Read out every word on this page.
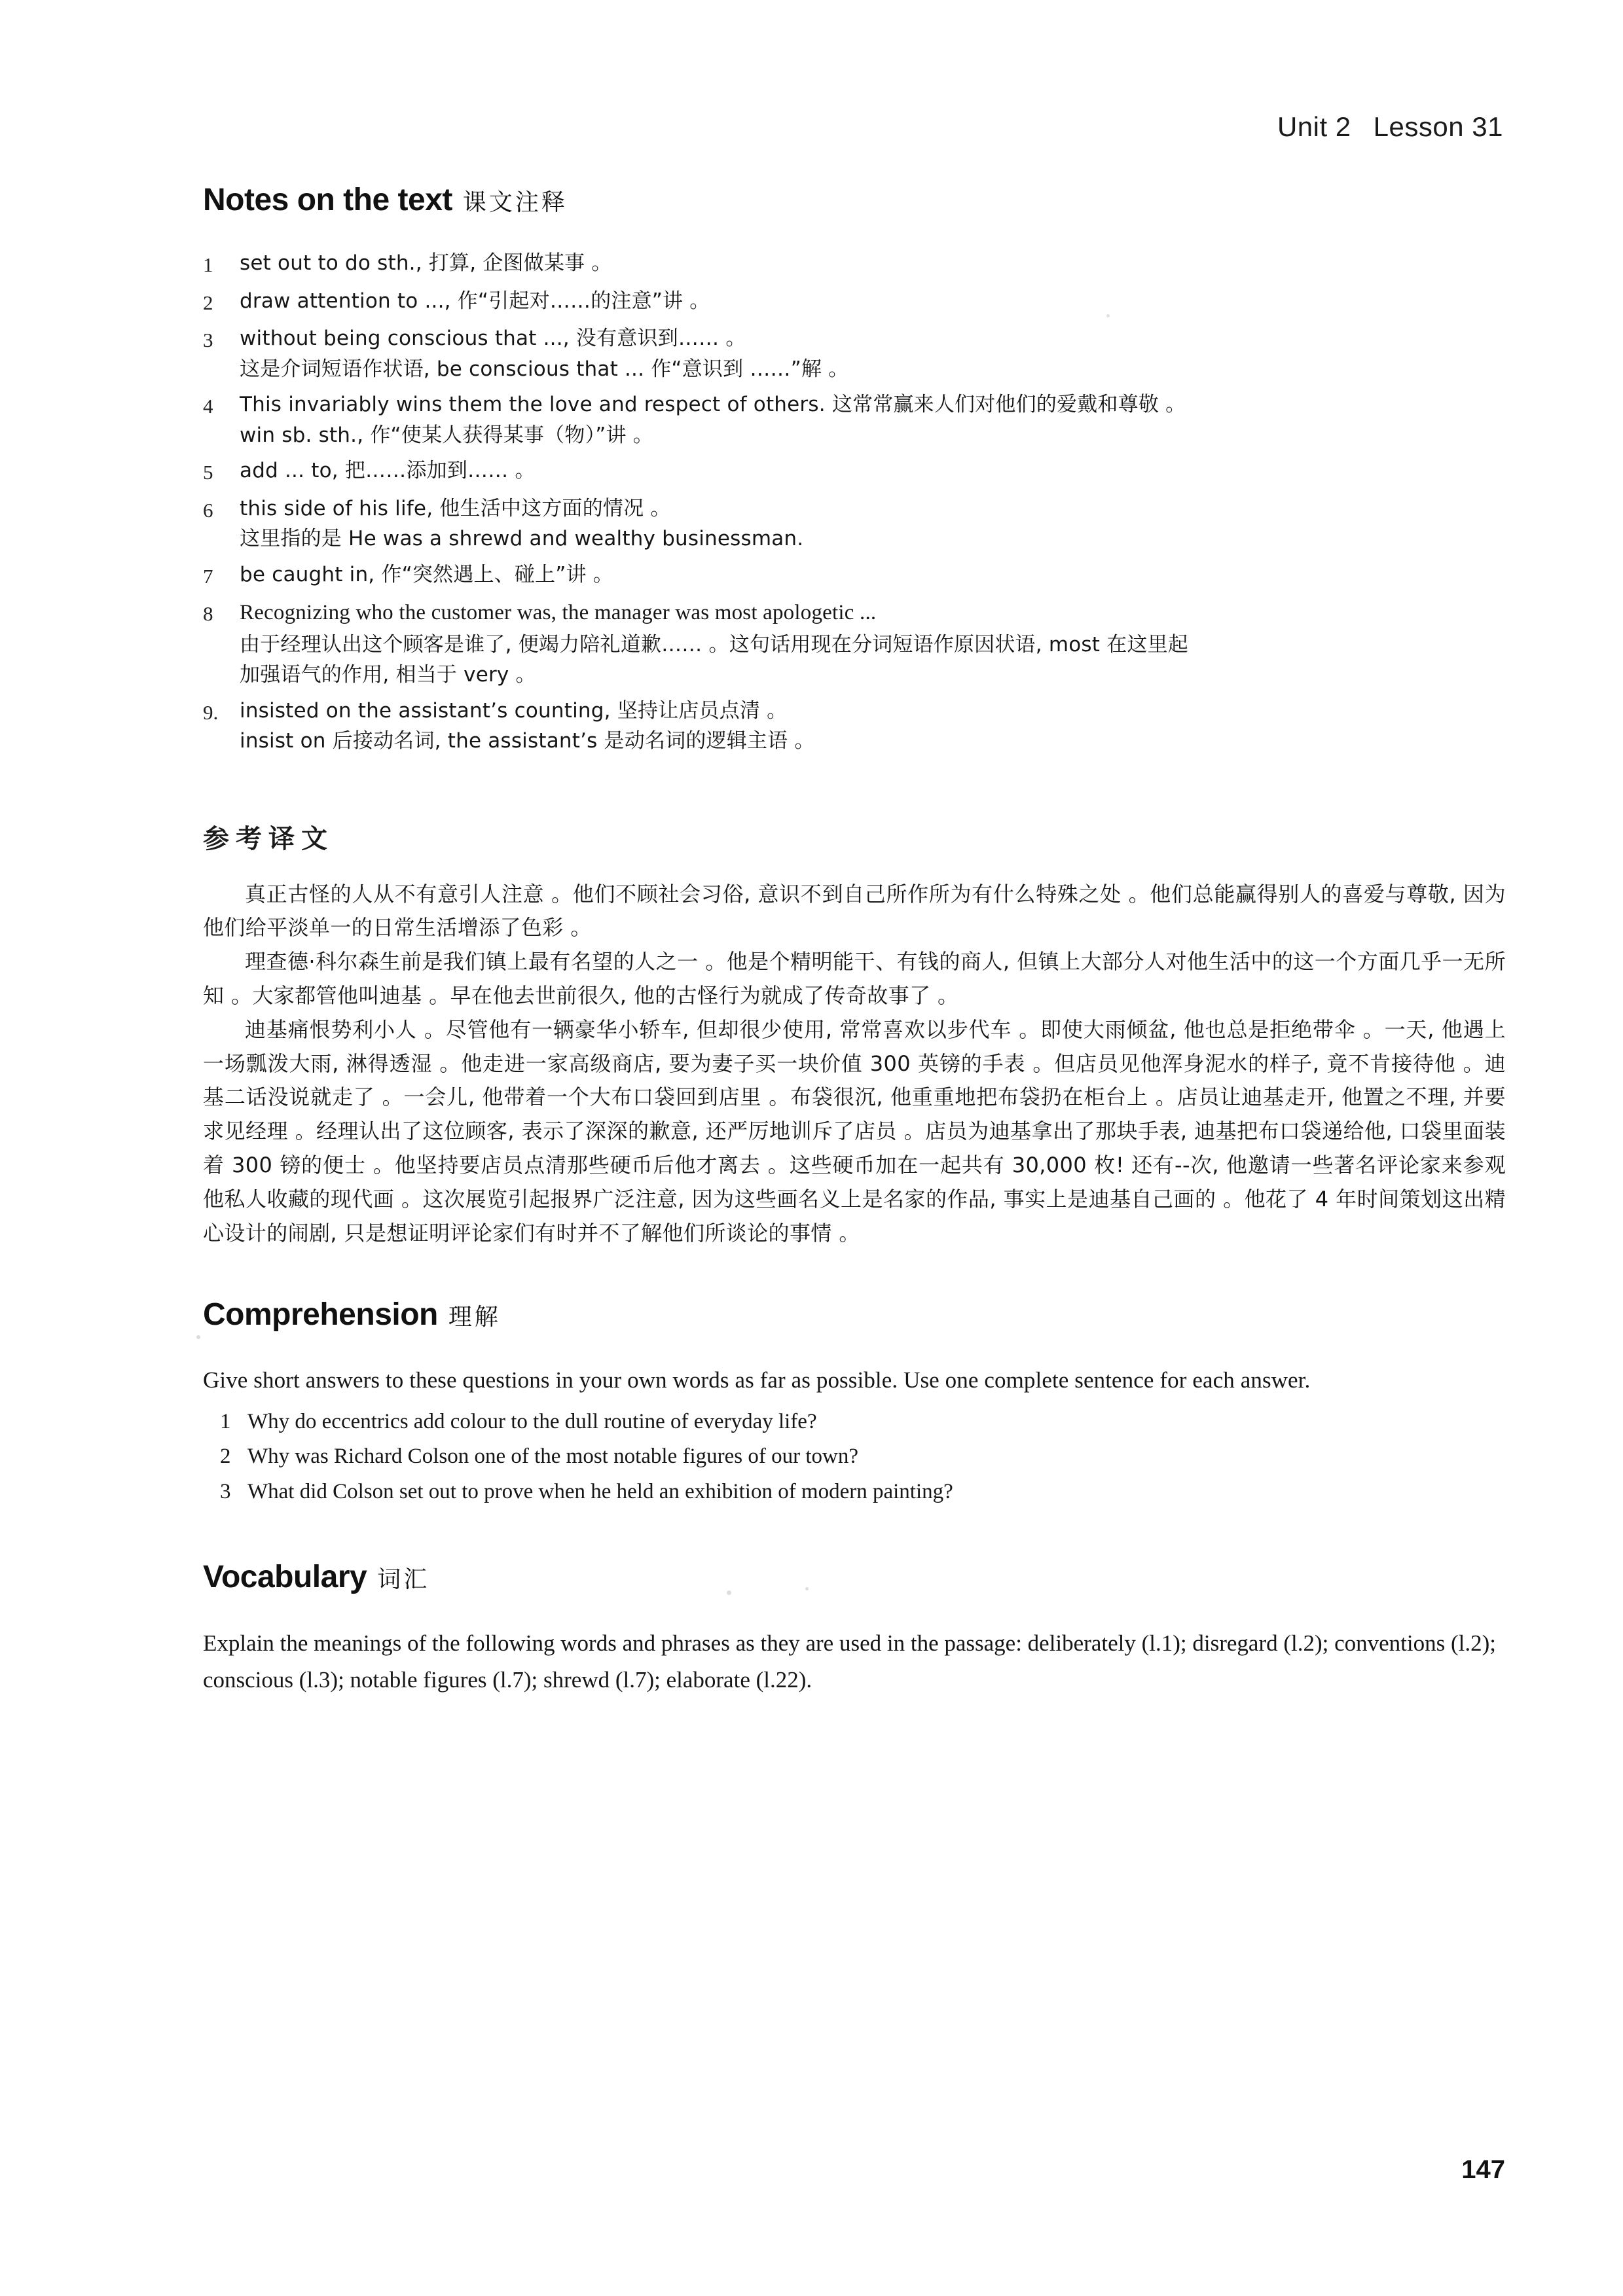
Unit 2 Lesson 31
Notes on the text 课文注释
1	set out to do sth., 打算, 企图做某事 。
2	draw attention to ..., 作“引起对……的注意”讲 。
3	without being conscious that ..., 没有意识到…… 。
这是介词短语作状语, be conscious that ... 作“意识到 ……”解 。
4	This invariably wins them the love and respect of others. 这常常赢来人们对他们的爱戴和尊敬 。
win sb. sth., 作“使某人获得某事（物）”讲 。
5	add ... to, 把……添加到…… 。
6	this side of his life, 他生活中这方面的情况 。
这里指的是 He was a shrewd and wealthy businessman.
7	be caught in, 作“突然遇上、碰上”讲 。
8	Recognizing who the customer was, the manager was most apologetic ...
由于经理认出这个顾客是谁了, 便竭力陪礼道歉…… 。这句话用现在分词短语作原因状语, most 在这里起
加强语气的作用, 相当于 very 。
9.	insisted on the assistant’s counting, 坚持让店员点清 。
insist on 后接动名词, the assistant’s 是动名词的逻辑主语 。
参考译文

真正古怪的人从不有意引人注意 。他们不顾社会习俗, 意识不到自己所作所为有什么特殊之处 。他们总能赢得别人的喜爱与尊敬, 因为他们给平淡单一的日常生活增添了色彩 。

理查德·科尔森生前是我们镇上最有名望的人之一 。他是个精明能干、有钱的商人, 但镇上大部分人对他生活中的这一个方面几乎一无所知 。大家都管他叫迪基 。早在他去世前很久, 他的古怪行为就成了传奇故事了 。

迪基痛恨势利小人 。尽管他有一辆豪华小轿车, 但却很少使用, 常常喜欢以步代车 。即使大雨倾盆, 他也总是拒绝带伞 。一天, 他遇上一场瓢泼大雨, 淋得透湿 。他走进一家高级商店, 要为妻子买一块价值 300 英镑的手表 。但店员见他浑身泥水的样子, 竟不肯接待他 。迪基二话没说就走了 。一会儿, 他带着一个大布口袋回到店里 。布袋很沉, 他重重地把布袋扔在柜台上 。店员让迪基走开, 他置之不理, 并要求见经理 。经理认出了这位顾客, 表示了深深的歉意, 还严厉地训斥了店员 。店员为迪基拿出了那块手表, 迪基把布口袋递给他, 口袋里面装着 300 镑的便士 。他坚持要店员点清那些硬币后他才离去 。这些硬币加在一起共有 30,000 枚! 还有--次, 他邀请一些著名评论家来参观他私人收藏的现代画 。这次展览引起报界广泛注意, 因为这些画名义上是名家的作品, 事实上是迪基自己画的 。他花了 4 年时间策划这出精心设计的闹剧, 只是想证明评论家们有时并不了解他们所谈论的事情 。

Comprehension 理解

Give short answers to these questions in your own words as far as possible. Use one complete sentence for each answer.

1 Why do eccentrics add colour to the dull routine of everyday life?
2 Why was Richard Colson one of the most notable figures of our town?
3 What did Colson set out to prove when he held an exhibition of modern painting?
Vocabulary 词汇

Explain the meanings of the following words and phrases as they are used in the passage: deliberately (l.1); disregard (l.2); conventions (l.2); conscious (l.3); notable figures (l.7); shrewd (l.7); elaborate (l.22).

147
